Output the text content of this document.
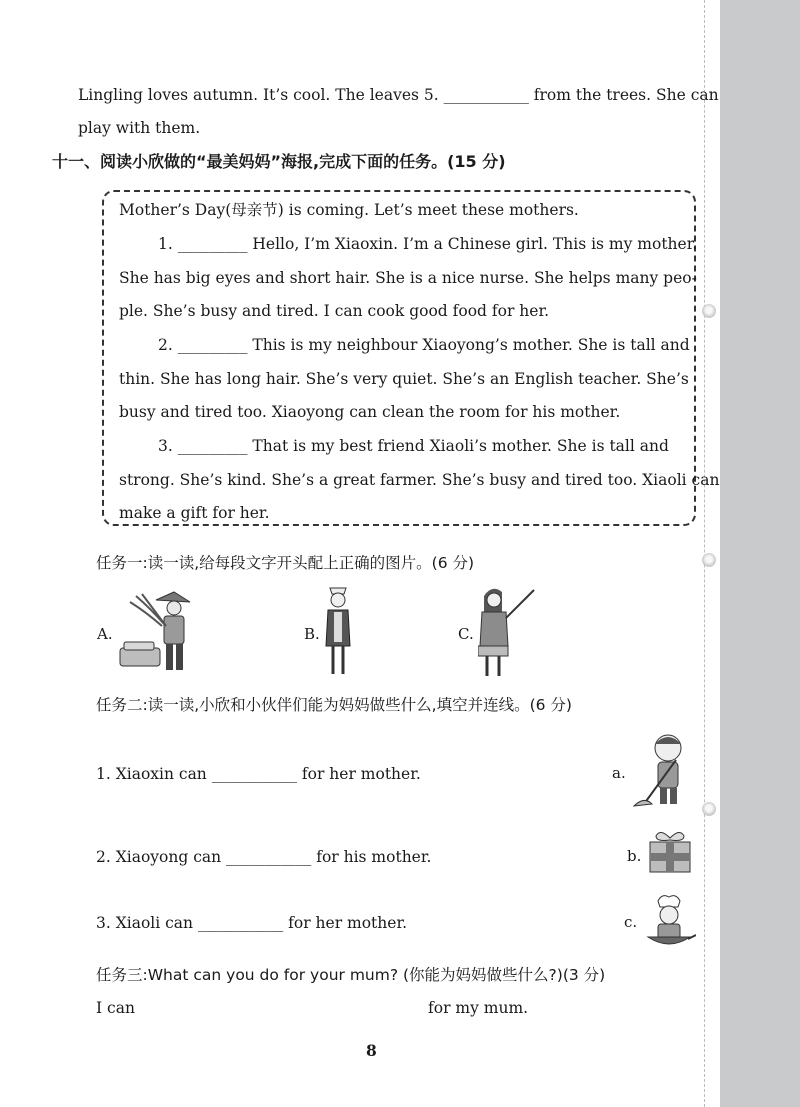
Lingling loves autumn. It’s cool. The leaves 5. ___________ from the trees. She can
play with them.
十一、阅读小欣做的“最美妈妈”海报,完成下面的任务。(15 分)
Mother’s Day(母亲节) is coming. Let’s meet these mothers.
1. _________ Hello, I’m Xiaoxin. I’m a Chinese girl. This is my mother.
She has big eyes and short hair. She is a nice nurse. She helps many peo-
ple. She’s busy and tired. I can cook good food for her.
2. _________ This is my neighbour Xiaoyong’s mother. She is tall and
thin. She has long hair. She’s very quiet. She’s an English teacher. She’s
busy and tired too. Xiaoyong can clean the room for his mother.
3. _________ That is my best friend Xiaoli’s mother. She is tall and
strong. She’s kind. She’s a great farmer. She’s busy and tired too. Xiaoli can
make a gift for her.
任务一:读一读,给每段文字开头配上正确的图片。(6 分)
A.	B.	C.
任务二:读一读,小欣和小伙伴们能为妈妈做些什么,填空并连线。(6 分)
1. Xiaoxin can ___________ for her mother.
2. Xiaoyong can ___________ for his mother.
3. Xiaoli can ___________ for her mother.
a.
b.
c.
任务三:What can you do for your mum? (你能为妈妈做些什么?)(3 分)
I can	for my mum.
8
